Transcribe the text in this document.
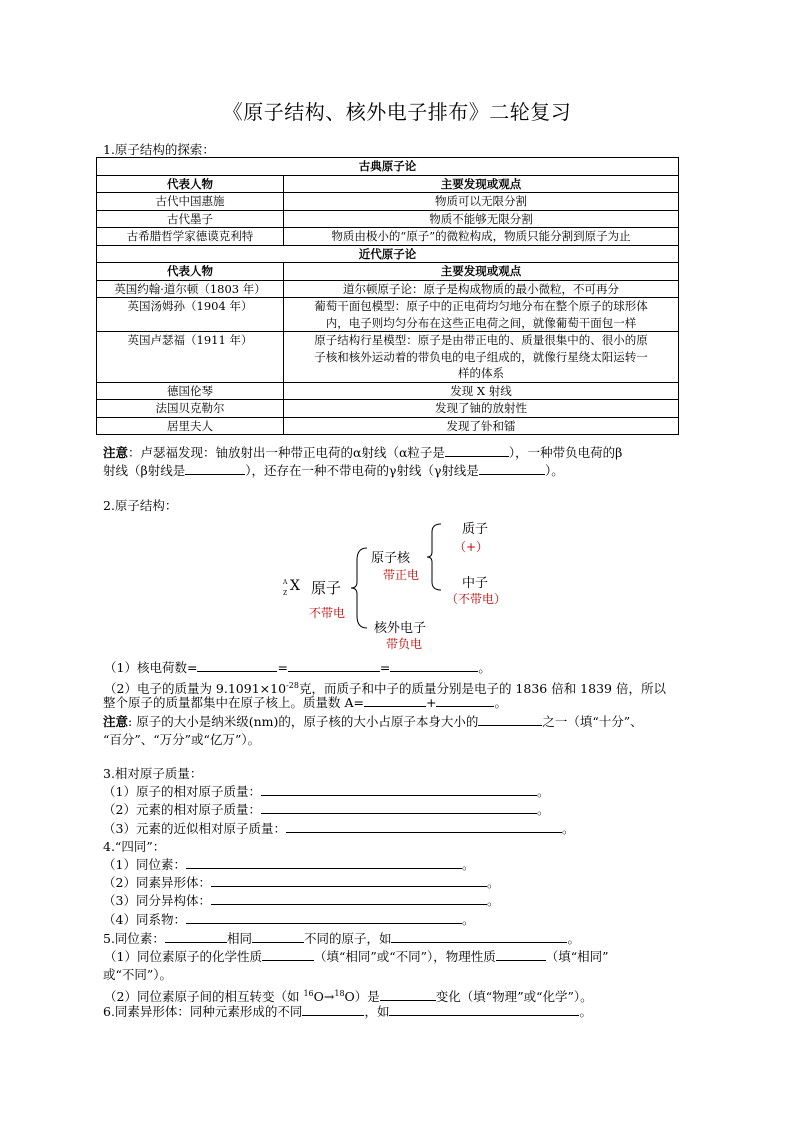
《原子结构、核外电子排布》二轮复习
1.原子结构的探索：
古典原子论	
代表人物	主要发现或观点
古代中国惠施	物质可以无限分割
古代墨子	物质不能够无限分割
古希腊哲学家德谟克利特	物质由极小的“原子”的微粒构成，物质只能分割到原子为止
近代原子论	
代表人物	主要发现或观点
英国约翰·道尔顿（1803 年）	道尔顿原子论：原子是构成物质的最小微粒，不可再分
英国汤姆孙（1904 年）	葡萄干面包模型：原子中的正电荷均匀地分布在整个原子的球形体
内，电子则均匀分布在这些正电荷之间，就像葡萄干面包一样

英国卢瑟福（1911 年）	原子结构行星模型：原子是由带正电的、质量很集中的、很小的原
子核和核外运动着的带负电的电子组成的，就像行星绕太阳运转一
样的体系

德国伦琴	发现 X 射线
法国贝克勒尔	发现了铀的放射性
居里夫人	发现了钋和镭
注意：卢瑟福发现：铀放射出一种带正电荷的α射线（α粒子是	），一种带负电荷的β
射线（β射线是	），还存在一种不带电荷的γ射线（γ射线是	）。
2.原子结构：
A
Z X 原子
不带电
原子核
带正电
质子
（+）
中子
（不带电）
核外电子
带负电
（1）核电荷数=	=	=	。
（2）电子的质量为 $9.1091\times 10^{-28}$克，而质子和中子的质量分别是电子的 1836 倍和 1839 倍，所以
整个原子的质量都集中在原子核上。质量数 A=	+	。
注意: 原子的大小是纳米级(nm)的，原子核的大小占原子本身大小的	之一（填“十分”、
“百分”、“万分”或“亿万”）。
3.相对原子质量：
（1）原子的相对原子质量：	。
（2）元素的相对原子质量：	。
（3）元素的近似相对原子质量：	。
4.“四同”：
（1）同位素：	。
（2）同素异形体：	。
（3）同分异构体：	。
（4）同系物：	。
5.同位素：	相同	不同的原子，如	。
（1）同位素原子的化学性质	（填“相同”或“不同”），物理性质	（填“相同”
或“不同”）。
（2）同位素原子间的相互转变（如 $^{16}$O→$^{18}$O）是	变化（填“物理”或“化学”）。
6.同素异形体：同种元素形成的不同	，如	。
